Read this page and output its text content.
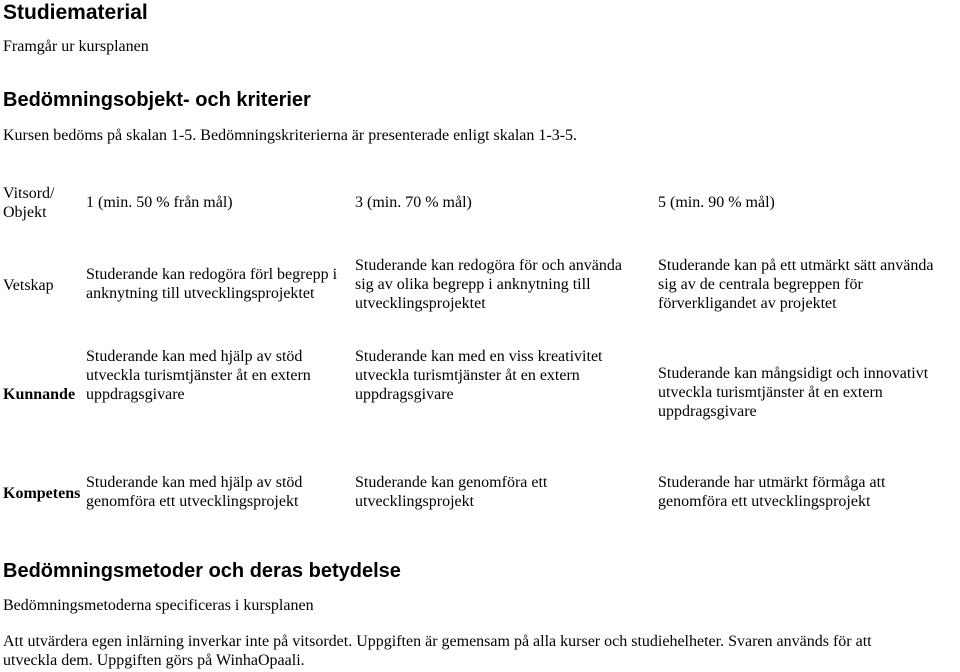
Studiematerial
Framgår ur kursplanen
Bedömningsobjekt- och kriterier
Kursen bedöms på skalan 1-5. Bedömningskriterierna är presenterade enligt skalan 1-3-5.
Vitsord/
Objekt
1 (min. 50 % från mål)	3 (min. 70 % mål)	5 (min. 90 % mål)
Vetskap
Studerande kan redogöra förl begrepp i
anknytning till utvecklingsprojektet
Studerande kan redogöra för och använda
sig av olika begrepp i anknytning till
utvecklingsprojektet
Studerande kan på ett utmärkt sätt använda
sig av de centrala begreppen för
förverkligandet av projektet
Kunnande
Studerande kan med hjälp av stöd
utveckla turismtjänster åt en extern
uppdragsgivare
Studerande kan med en viss kreativitet
utveckla turismtjänster åt en extern
uppdragsgivare
Studerande kan mångsidigt och innovativt
utveckla turismtjänster åt en extern
uppdragsgivare
Kompetens
Studerande kan med hjälp av stöd
genomföra ett utvecklingsprojekt
Studerande kan genomföra ett
utvecklingsprojekt
Studerande har utmärkt förmåga att
genomföra ett utvecklingsprojekt
Bedömningsmetoder och deras betydelse
Bedömningsmetoderna specificeras i kursplanen
Att utvärdera egen inlärning inverkar inte på vitsordet. Uppgiften är gemensam på alla kurser och studiehelheter. Svaren används för att
utveckla dem. Uppgiften görs på WinhaOpaali.
